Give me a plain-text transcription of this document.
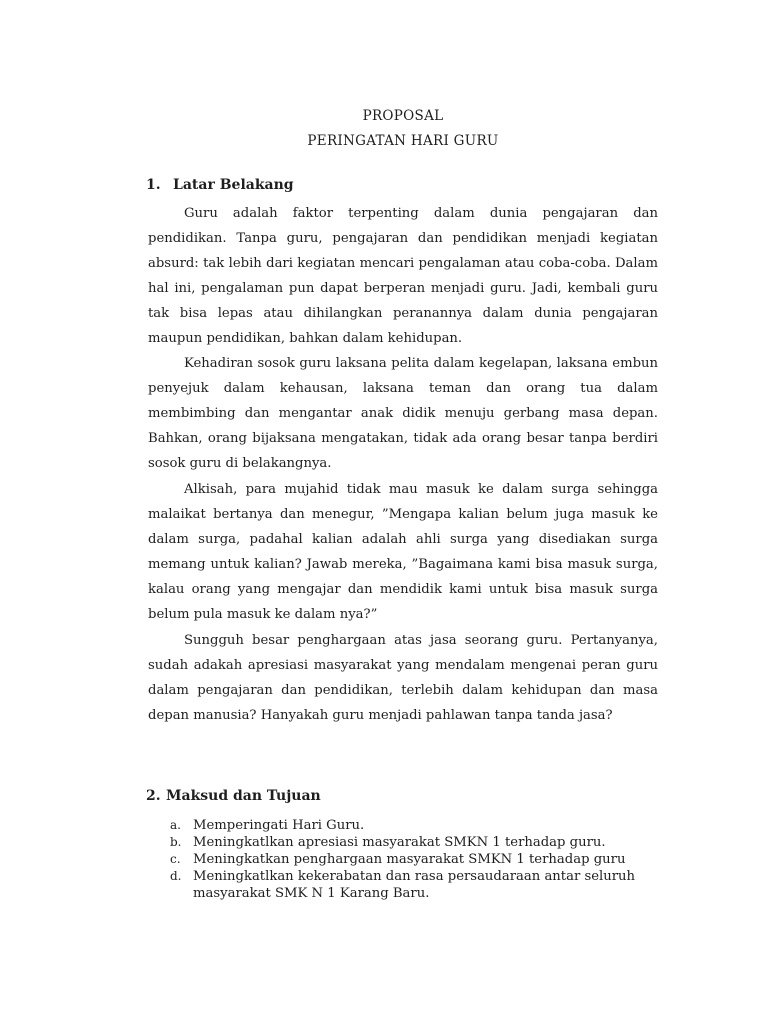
PROPOSAL
PERINGATAN HARI GURU
1. Latar Belakang

Guru adalah faktor terpenting dalam dunia pengajaran dan pendidikan. Tanpa guru, pengajaran dan pendidikan menjadi kegiatan absurd: tak lebih dari kegiatan mencari pengalaman atau coba-coba. Dalam hal ini, pengalaman pun dapat berperan menjadi guru. Jadi, kembali guru tak bisa lepas atau dihilangkan peranannya dalam dunia pengajaran maupun pendidikan, bahkan dalam kehidupan.

Kehadiran sosok guru laksana pelita dalam kegelapan, laksana embun penyejuk dalam kehausan, laksana teman dan orang tua dalam membimbing dan mengantar anak didik menuju gerbang masa depan. Bahkan, orang bijaksana mengatakan, tidak ada orang besar tanpa berdiri sosok guru di belakangnya.

Alkisah, para mujahid tidak mau masuk ke dalam surga sehingga malaikat bertanya dan menegur, ”Mengapa kalian belum juga masuk ke dalam surga, padahal kalian adalah ahli surga yang disediakan surga memang untuk kalian? Jawab mereka, ”Bagaimana kami bisa masuk surga, kalau orang yang mengajar dan mendidik kami untuk bisa masuk surga belum pula masuk ke dalam nya?”

Sungguh besar penghargaan atas jasa seorang guru. Pertanyanya, sudah adakah apresiasi masyarakat yang mendalam mengenai peran guru dalam pengajaran dan pendidikan, terlebih dalam kehidupan dan masa depan manusia? Hanyakah guru menjadi pahlawan tanpa tanda jasa?

2. Maksud dan Tujuan
a. Memperingati Hari Guru.
b. Meningkatlkan apresiasi masyarakat SMKN 1 terhadap guru.
c. Meningkatkan penghargaan masyarakat SMKN 1 terhadap guru
d. Meningkatlkan kekerabatan dan rasa persaudaraan antar seluruh masyarakat SMK N 1 Karang Baru.
